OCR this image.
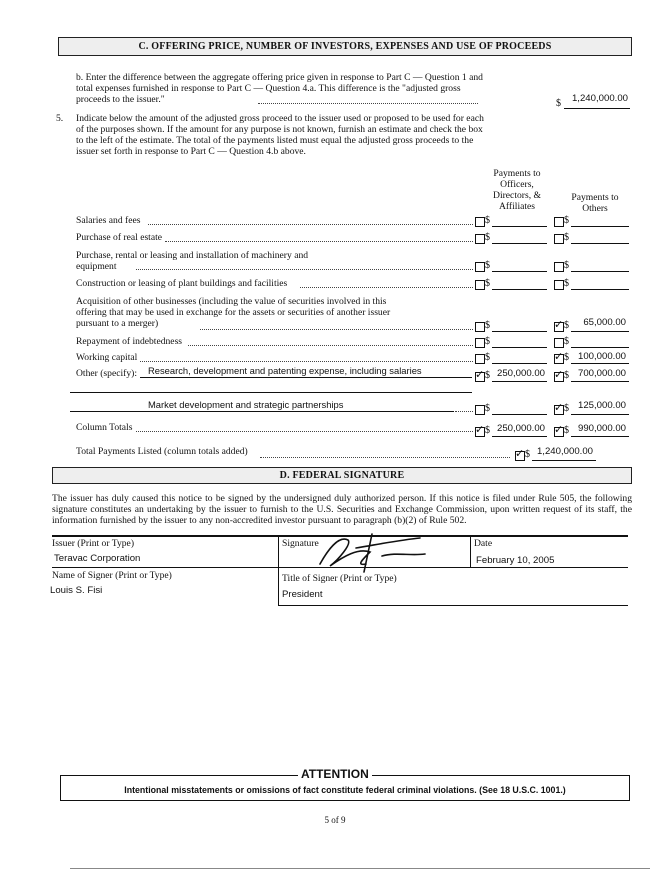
C. OFFERING PRICE, NUMBER OF INVESTORS, EXPENSES AND USE OF PROCEEDS
b. Enter the difference between the aggregate offering price given in response to Part C — Question 1 and total expenses furnished in response to Part C — Question 4.a. This difference is the "adjusted gross proceeds to the issuer."	$	1,240,000.00
5. Indicate below the amount of the adjusted gross proceed to the issuer used or proposed to be used for each of the purposes shown. If the amount for any purpose is not known, furnish an estimate and check the box to the left of the estimate. The total of the payments listed must equal the adjusted gross proceeds to the issuer set forth in response to Part C — Question 4.b above.
Payments to Officers, Directors, & Affiliates
Payments to Others
Salaries and fees	$	$
Purchase of real estate	$	$
Purchase, rental or leasing and installation of machinery and equipment	$	$
Construction or leasing of plant buildings and facilities	$	$
Acquisition of other businesses (including the value of securities involved in this offering that may be used in exchange for the assets or securities of another issuer pursuant to a merger)	$ ✓	$	65,000.00
Repayment of indebtedness	$	$
Working capital	$ ✓	$ 100,000.00
Other (specify): Research, development and patenting expense, including salaries ✓	$ 250,000.00 ✓ $ 700,000.00
Market development and strategic partnerships	$ ✓	$ 125,000.00
Column Totals ✓	$ 250,000.00 ✓ $ 990,000.00
Total Payments Listed (column totals added) ✓	$ 1,240,000.00
D. FEDERAL SIGNATURE
The issuer has duly caused this notice to be signed by the undersigned duly authorized person. If this notice is filed under Rule 505, the following signature constitutes an undertaking by the issuer to furnish to the U.S. Securities and Exchange Commission, upon written request of its staff, the information furnished by the issuer to any non-accredited investor pursuant to paragraph (b)(2) of Rule 502.
Issuer (Print or Type)
Teravac Corporation
Signature	Date
February 10, 2005
Name of Signer (Print or Type)
Louis S. Fisi
Title of Signer (Print or Type)
President
ATTENTION
Intentional misstatements or omissions of fact constitute federal criminal violations. (See 18 U.S.C. 1001.)
5 of 9
